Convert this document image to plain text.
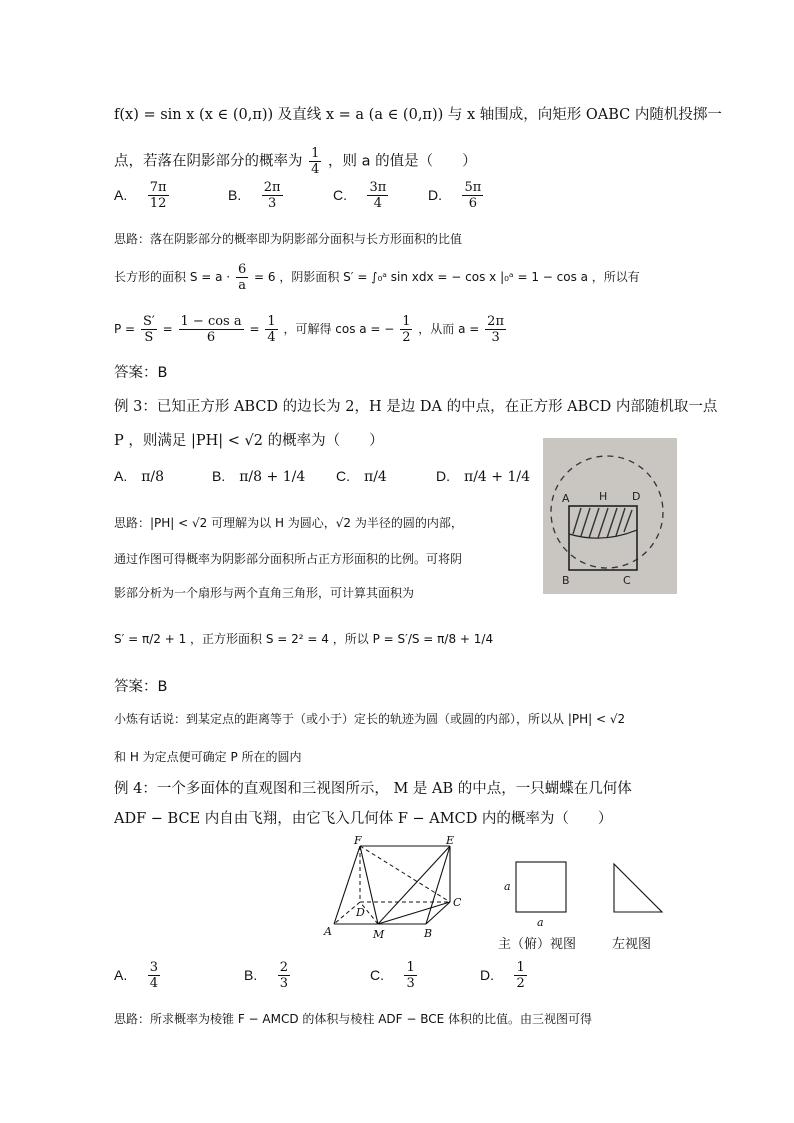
f(x) = sin x (x ∈ (0,π)) 及直线 x = a (a ∈ (0,π)) 与 x 轴围成，向矩形 OABC 内随机投掷一
点，若落在阴影部分的概率为 $\frac{1}{4}$ ，则 a 的值是（　　）
A. $\frac{7\pi}{12}$	B. $\frac{2\pi}{3}$	C. $\frac{3\pi}{4}$	D. $\frac{5\pi}{6}$
思路：落在阴影部分的概率即为阴影部分面积与长方形面积的比值
长方形的面积 $S = a \cdot \frac{6}{a} = 6$ ，阴影面积 S′ = ∫₀ᵃ sin xdx = − cos x |₀ᵃ = 1 − cos a ，所以有
$P = \frac{S'}{S} = \frac{\text{1 − cos a}}{6} = \frac{1}{4}$ ，可解得 cos a = − $\frac{1}{2}$ ，从而 $a = \frac{2\pi}{3}$
答案：B
例 3：已知正方形 ABCD 的边长为 2，H 是边 DA 的中点，在正方形 ABCD 内部随机取一点
P ，则满足 |PH| < √2 的概率为（　　）
A. π/8	B. π/8 + 1/4 C. π/4	D. π/4 + 1/4
思路：|PH| < √2 可理解为以 H 为圆心，√2 为半径的圆的内部，
通过作图可得概率为阴影部分面积所占正方形面积的比例。可将阴
影部分析为一个扇形与两个直角三角形，可计算其面积为
S′ = π/2 + 1 ，正方形面积 S = 2² = 4 ，所以 P = S′/S = π/8 + 1/4
答案：B
A	H D
B	C
小炼有话说：到某定点的距离等于（或小于）定长的轨迹为圆（或圆的内部），所以从 |PH| < √2
和 H 为定点便可确定 P 所在的圆内
例 4：一个多面体的直观图和三视图所示， M 是 AB 的中点，一只蝴蝶在几何体
ADF − BCE 内自由飞翔，由它飞入几何体 F − AMCD 内的概率为（　　）
F	E
D
C
A	M	B
a
a
主（俯）视图	左视图
A. $\frac{3}{4}$	B. $\frac{2}{3}$	C. $\frac{1}{3}$	D. $\frac{1}{2}$
思路：所求概率为棱锥 F − AMCD 的体积与棱柱 ADF − BCE 体积的比值。由三视图可得
